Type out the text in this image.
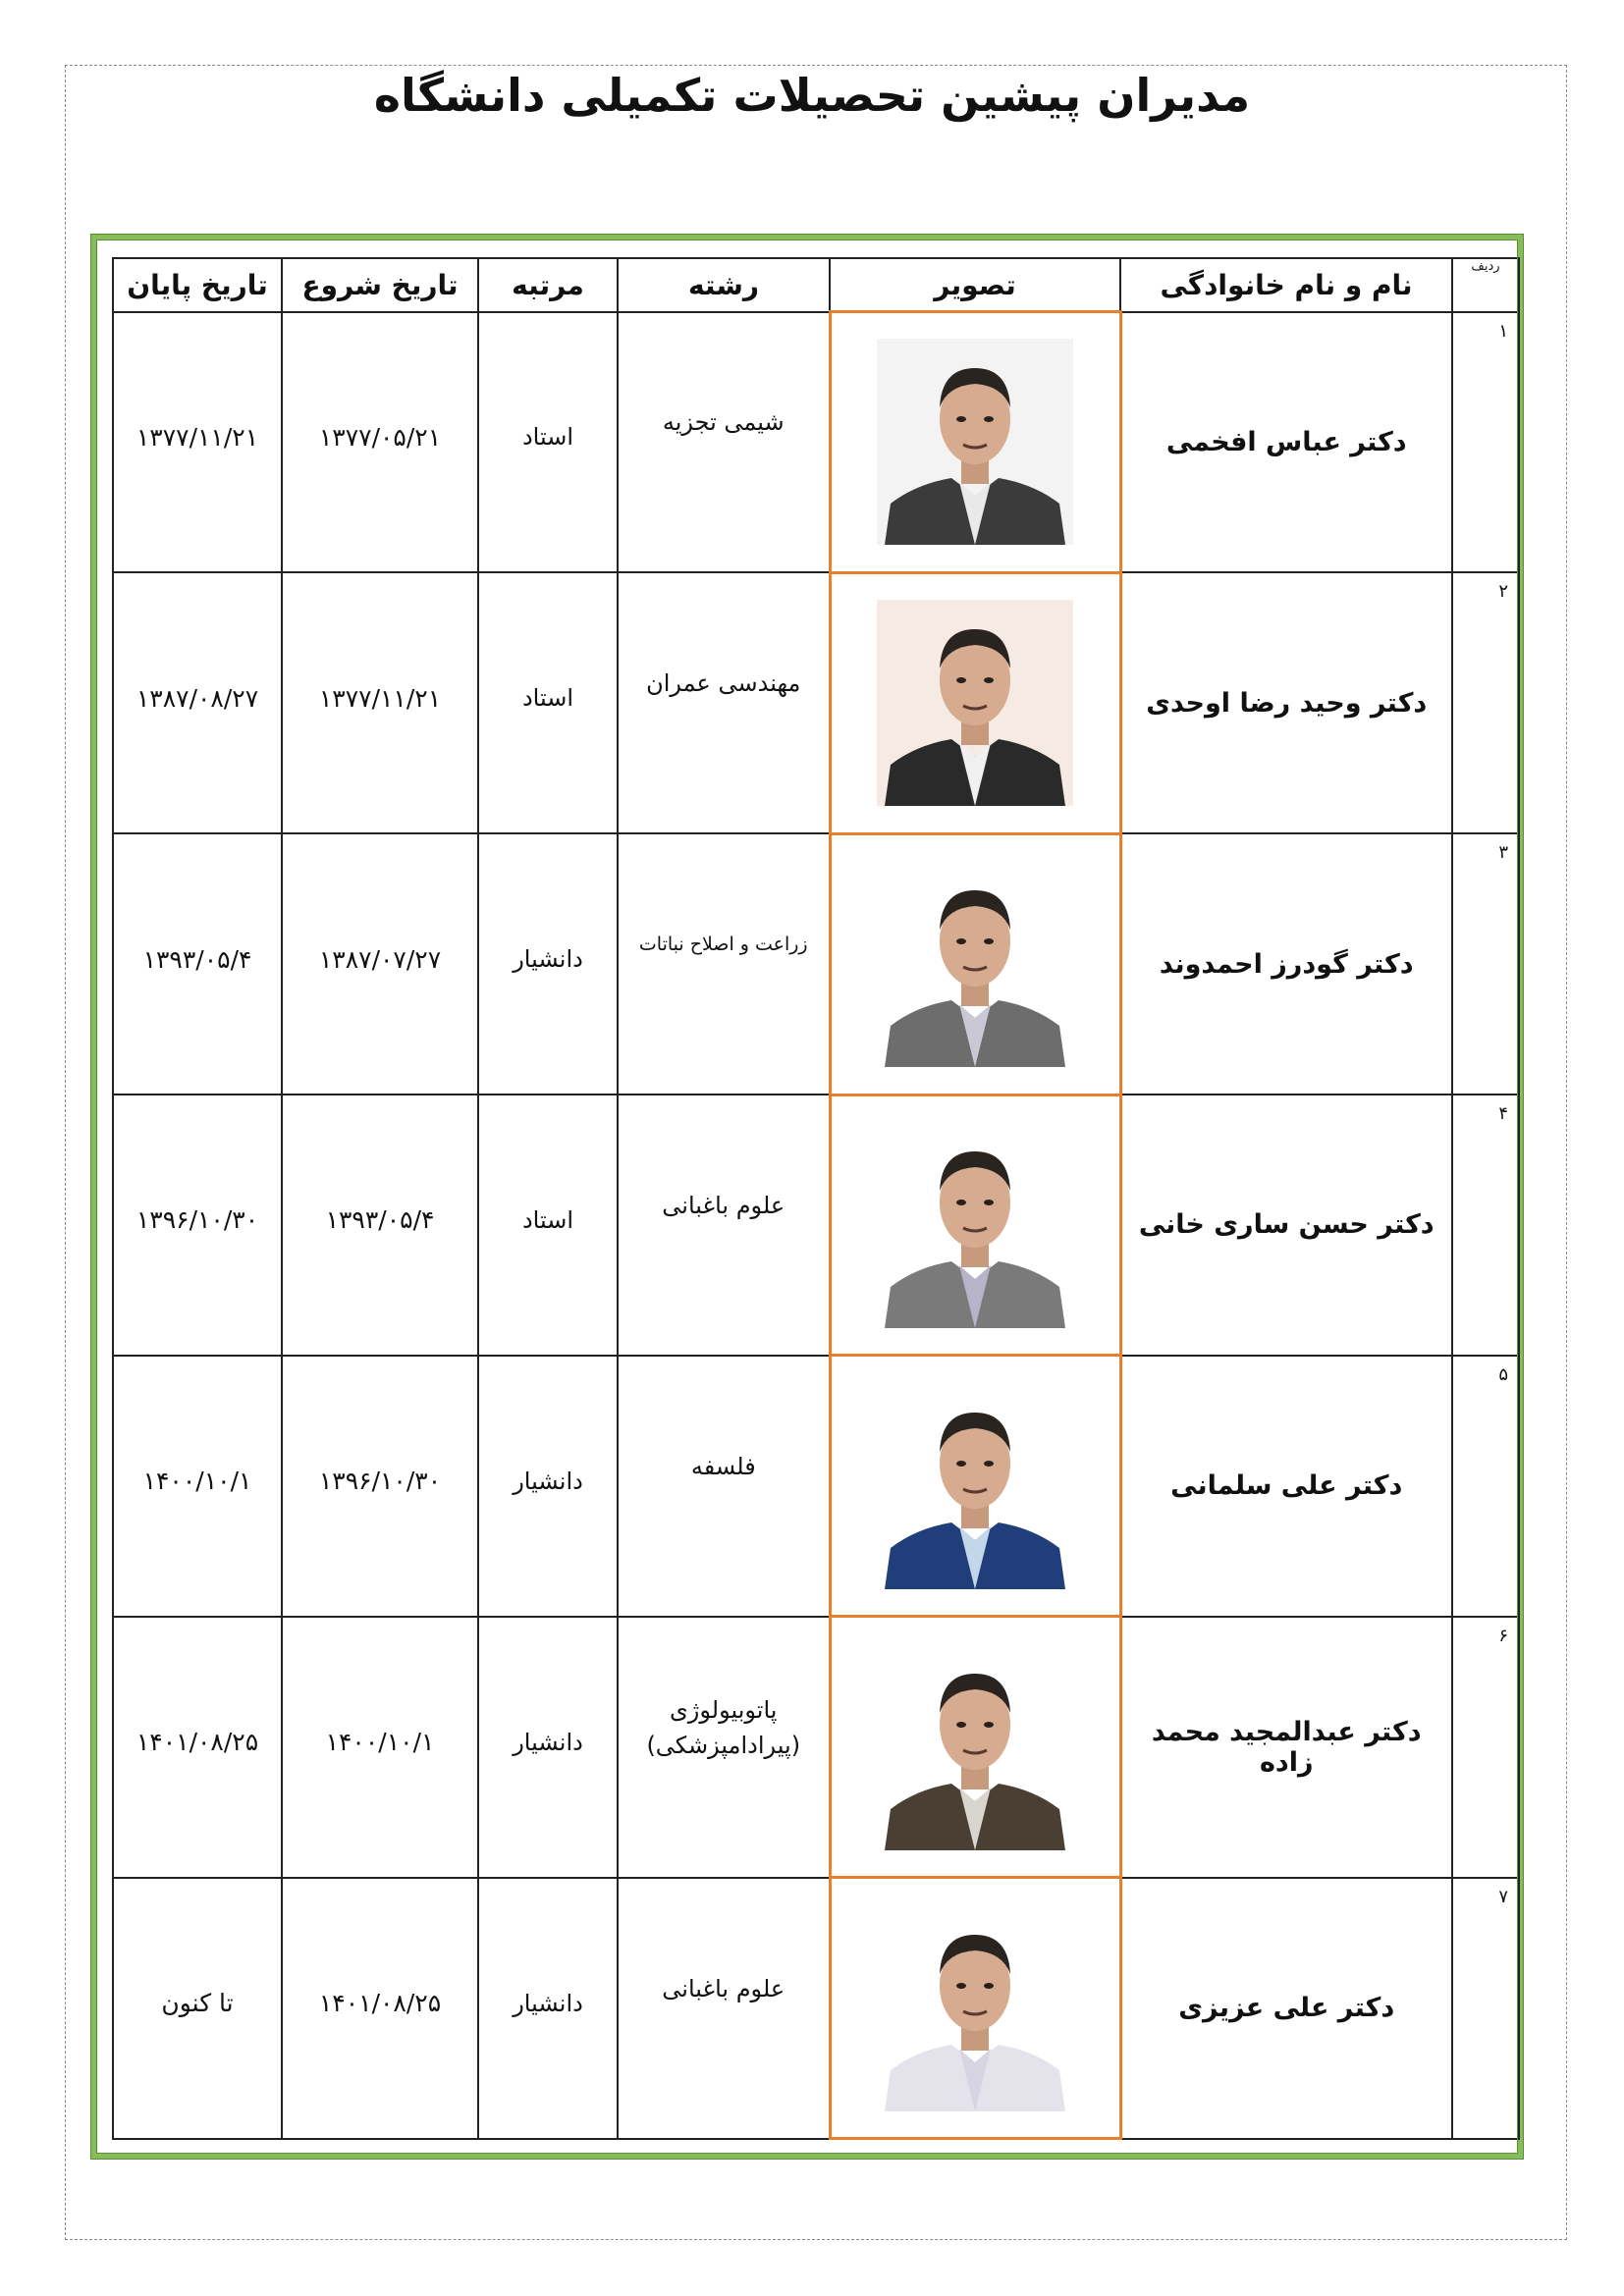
مدیران پیشین تحصیلات تکمیلی دانشگاه
ردیف	نام و نام خانوادگی	تصویر	رشته	مرتبه	تاریخ شروع	تاریخ پایان
۱	دکتر عباس افخمی		شیمی تجزیه	استاد	۱۳۷۷/۰۵/۲۱	۱۳۷۷/۱۱/۲۱
۲	دکتر وحید رضا اوحدی		مهندسی عمران	استاد	۱۳۷۷/۱۱/۲۱	۱۳۸۷/۰۸/۲۷
۳	دکتر گودرز احمدوند		زراعت و اصلاح نباتات	دانشیار	۱۳۸۷/۰۷/۲۷	۱۳۹۳/۰۵/۴
۴	دکتر حسن ساری خانی		علوم باغبانی	استاد	۱۳۹۳/۰۵/۴	۱۳۹۶/۱۰/۳۰
۵	دکتر علی سلمانی		فلسفه	دانشیار	۱۳۹۶/۱۰/۳۰	۱۴۰۰/۱۰/۱
۶	دکتر عبدالمجید محمد زاده		پاتوبیولوژی (پیرادامپزشکی)	دانشیار	۱۴۰۰/۱۰/۱	۱۴۰۱/۰۸/۲۵
۷	دکتر علی عزیزی		علوم باغبانی	دانشیار	۱۴۰۱/۰۸/۲۵	تا کنون
